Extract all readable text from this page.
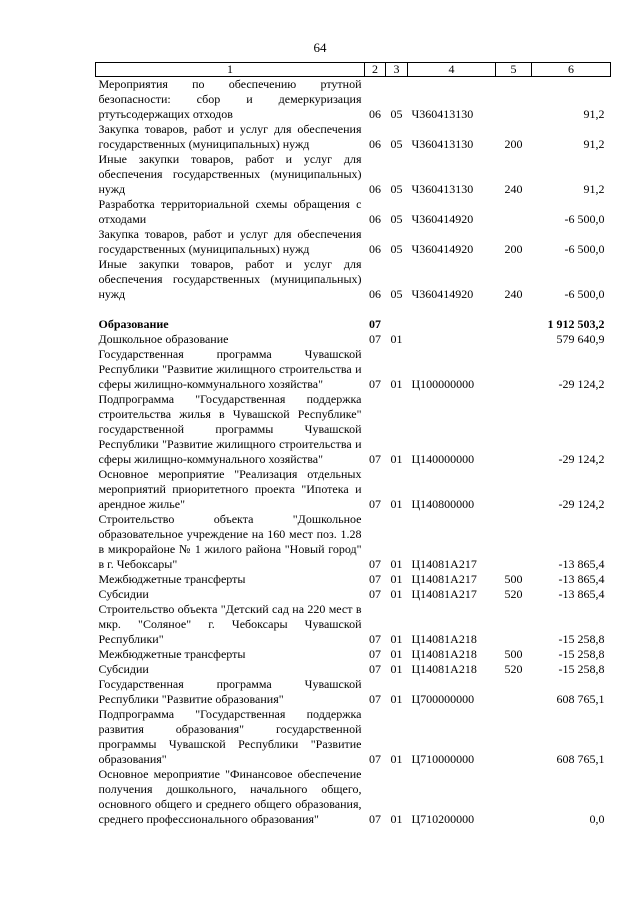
64
1	2	3	4	5	6
Мероприятия по обеспечению ртутной безопасности: сбор и демеркуризация ртутьсодержащих отходов	06	05	Ч360413130		91,2
Закупка товаров, работ и услуг для обеспечения государственных (муниципальных) нужд	06	05	Ч360413130	200	91,2
Иные закупки товаров, работ и услуг для обеспечения государственных (муниципальных) нужд	06	05	Ч360413130	240	91,2
Разработка территориальной схемы обращения с отходами	06	05	Ч360414920		-6 500,0
Закупка товаров, работ и услуг для обеспечения государственных (муниципальных) нужд	06	05	Ч360414920	200	-6 500,0
Иные закупки товаров, работ и услуг для обеспечения государственных (муниципальных) нужд	06	05	Ч360414920	240	-6 500,0

Образование	07				1 912 503,2
Дошкольное образование	07	01			579 640,9
Государственная программа Чувашской Республики "Развитие жилищного строительства и сферы жилищно-коммунального хозяйства"	07	01	Ц100000000		-29 124,2
Подпрограмма "Государственная поддержка строительства жилья в Чувашской Республике" государственной программы Чувашской Республики "Развитие жилищного строительства и сферы жилищно-коммунального хозяйства"	07	01	Ц140000000		-29 124,2
Основное мероприятие "Реализация отдельных мероприятий приоритетного проекта "Ипотека и арендное жилье"	07	01	Ц140800000		-29 124,2
Строительство объекта "Дошкольное образовательное учреждение на 160 мест поз. 1.28 в микрорайоне № 1 жилого района "Новый город" в г. Чебоксары"	07	01	Ц14081А217		-13 865,4
Межбюджетные трансферты	07	01	Ц14081А217	500	-13 865,4
Субсидии	07	01	Ц14081А217	520	-13 865,4
Строительство объекта "Детский сад на 220 мест в мкр. "Соляное" г. Чебоксары Чувашской Республики"	07	01	Ц14081А218		-15 258,8
Межбюджетные трансферты	07	01	Ц14081А218	500	-15 258,8
Субсидии	07	01	Ц14081А218	520	-15 258,8
Государственная программа Чувашской Республики "Развитие образования"	07	01	Ц700000000		608 765,1
Подпрограмма "Государственная поддержка развития образования" государственной программы Чувашской Республики "Развитие образования"	07	01	Ц710000000		608 765,1
Основное мероприятие "Финансовое обеспечение получения дошкольного, начального общего, основного общего и среднего общего образования, среднего профессионального образования"	07	01	Ц710200000		0,0
